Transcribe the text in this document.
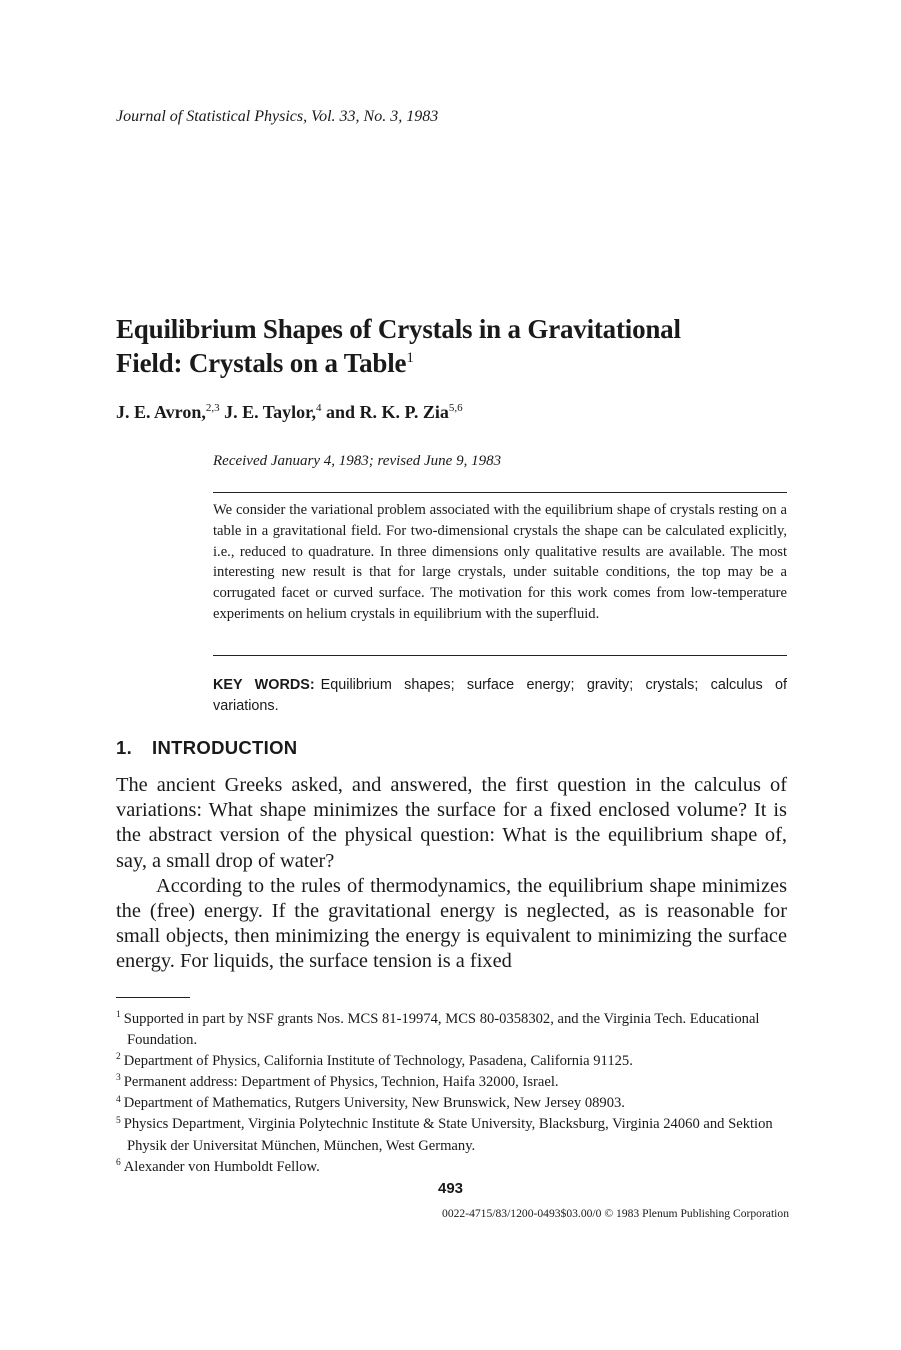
Journal of Statistical Physics, Vol. 33, No. 3, 1983
Equilibrium Shapes of Crystals in a Gravitational
Field: Crystals on a Table$^1$
J. E. Avron,$^{2,3}$ J. E. Taylor,$^4$ and R. K. P. Zia$^{5,6}$
Received January 4, 1983; revised June 9, 1983
We consider the variational problem associated with the equilibrium shape of crystals resting on a table in a gravitational field. For two-dimensional crystals the shape can be calculated explicitly, i.e., reduced to quadrature. In three dimensions only qualitative results are available. The most interesting new result is that for large crystals, under suitable conditions, the top may be a corrugated facet or curved surface. The motivation for this work comes from low-temperature experiments on helium crystals in equilibrium with the superfluid.
KEY WORDS: Equilibrium shapes; surface energy; gravity; crystals; calculus of variations.
1. INTRODUCTION

The ancient Greeks asked, and answered, the first question in the calculus of variations: What shape minimizes the surface for a fixed enclosed volume? It is the abstract version of the physical question: What is the equilibrium shape of, say, a small drop of water?

According to the rules of thermodynamics, the equilibrium shape minimizes the (free) energy. If the gravitational energy is neglected, as is reasonable for small objects, then minimizing the energy is equivalent to minimizing the surface energy. For liquids, the surface tension is a fixed

$^1$ Supported in part by NSF grants Nos. MCS 81-19974, MCS 80-0358302, and the Virginia Tech. Educational Foundation.
$^2$ Department of Physics, California Institute of Technology, Pasadena, California 91125.
$^3$ Permanent address: Department of Physics, Technion, Haifa 32000, Israel.
$^4$ Department of Mathematics, Rutgers University, New Brunswick, New Jersey 08903.
$^5$ Physics Department, Virginia Polytechnic Institute & State University, Blacksburg, Virginia 24060 and Sektion Physik der Universitat München, München, West Germany.
$^6$ Alexander von Humboldt Fellow.
493
0022-4715/83/1200-0493$03.00/0 © 1983 Plenum Publishing Corporation
